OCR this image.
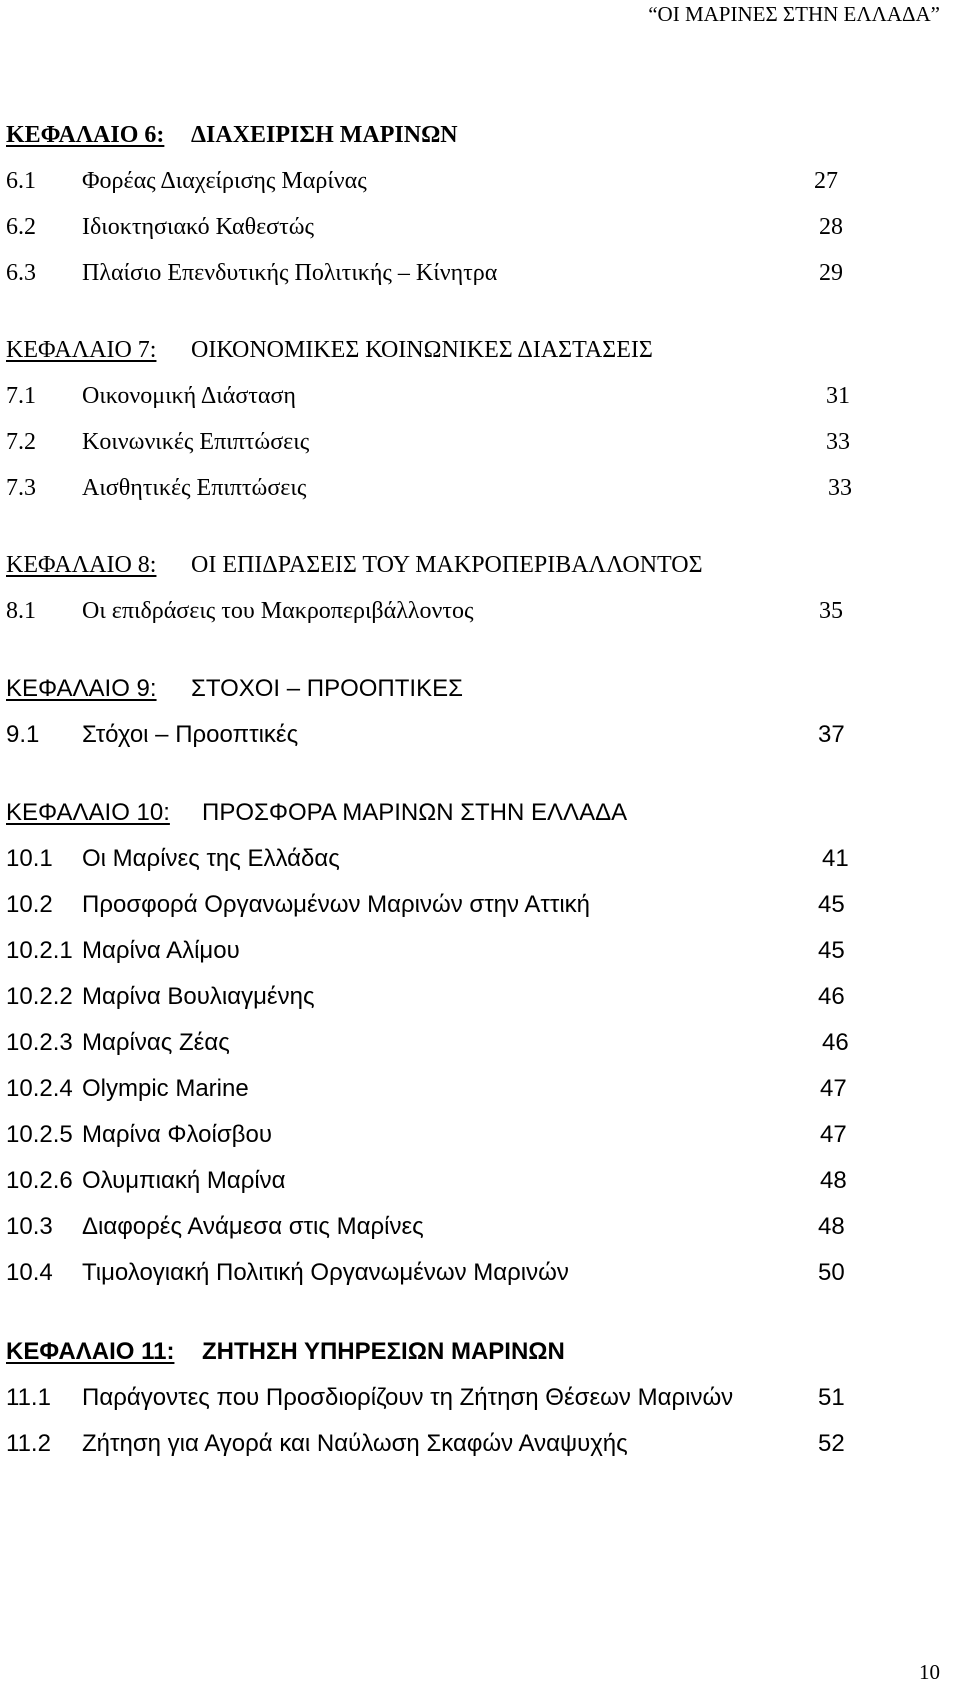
“ΟΙ ΜΑΡΙΝΕΣ ΣΤΗΝ ΕΛΛΑΔΑ”
ΚΕΦΑΛΑΙΟ 6: ΔΙΑΧΕΙΡΙΣΗ ΜΑΡΙΝΩΝ
6.1 Φορέας Διαχείρισης Μαρίνας	27
6.2 Ιδιοκτησιακό Καθεστώς	28
6.3 Πλαίσιο Επενδυτικής Πολιτικής – Κίνητρα	29
ΚΕΦΑΛΑΙΟ 7: ΟΙΚΟΝΟΜΙΚΕΣ ΚΟΙΝΩΝΙΚΕΣ ΔΙΑΣΤΑΣΕΙΣ
7.1 Οικονομική Διάσταση	31
7.2 Κοινωνικές Επιπτώσεις	33
7.3 Αισθητικές Επιπτώσεις	33
ΚΕΦΑΛΑΙΟ 8: ΟΙ ΕΠΙΔΡΑΣΕΙΣ ΤΟΥ ΜΑΚΡΟΠΕΡΙΒΑΛΛΟΝΤΟΣ
8.1 Οι επιδράσεις του Μακροπεριβάλλοντος	35
ΚΕΦΑΛΑΙΟ 9: ΣΤΟΧΟΙ – ΠΡΟΟΠΤΙΚΕΣ
9.1 Στόχοι – Προοπτικές	37
ΚΕΦΑΛΑΙΟ 10: ΠΡΟΣΦΟΡΑ ΜΑΡΙΝΩΝ ΣΤΗΝ ΕΛΛΑΔΑ
10.1 Οι Μαρίνες της Ελλάδας	41
10.2 Προσφορά Οργανωμένων Μαρινών στην Αττική	45
10.2.1 Μαρίνα Αλίμου	45
10.2.2 Μαρίνα Βουλιαγμένης	46
10.2.3 Μαρίνας Ζέας	46
10.2.4 Olympic Marine	47
10.2.5 Μαρίνα Φλοίσβου	47
10.2.6 Ολυμπιακή Μαρίνα	48
10.3 Διαφορές Ανάμεσα στις Μαρίνες	48
10.4 Τιμολογιακή Πολιτική Οργανωμένων Μαρινών	50
ΚΕΦΑΛΑΙΟ 11: ΖΗΤΗΣΗ ΥΠΗΡΕΣΙΩΝ ΜΑΡΙΝΩΝ
11.1 Παράγοντες που Προσδιορίζουν τη Ζήτηση Θέσεων Μαρινών	51
11.2 Ζήτηση για Αγορά και Ναύλωση Σκαφών Αναψυχής	52
10
